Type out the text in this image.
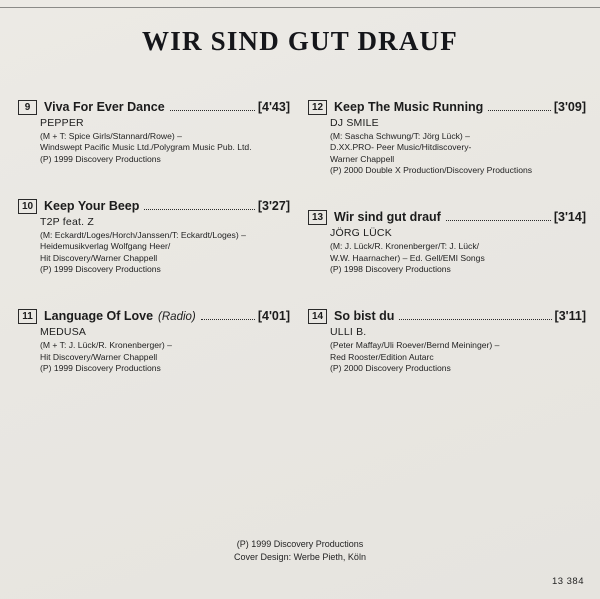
WIR SIND GUT DRAUF
9	Viva For Ever Dance	[4'43]
PEPPER
(M + T: Spice Girls/Stannard/Rowe) –
Windswept Pacific Music Ltd./Polygram Music Pub. Ltd.
(P) 1999 Discovery Productions
10 Keep Your Beep	[3'27]
T2P feat. Z
(M: Eckardt/Loges/Horch/Janssen/T: Eckardt/Loges) –
Heidemusikverlag Wolfgang Heer/
Hit Discovery/Warner Chappell
(P) 1999 Discovery Productions
11 Language Of Love (Radio)	[4'01]
MEDUSA
(M + T: J. Lück/R. Kronenberger) –
Hit Discovery/Warner Chappell
(P) 1999 Discovery Productions
12 Keep The Music Running	[3'09]
DJ SMILE
(M: Sascha Schwung/T: Jörg Lück) –
D.XX.PRO- Peer Music/Hitdiscovery-
Warner Chappell
(P) 2000 Double X Production/Discovery Productions
13 Wir sind gut drauf	[3'14]
JÖRG LÜCK
(M: J. Lück/R. Kronenberger/T: J. Lück/
W.W. Haarnacher) – Ed. Gell/EMI Songs
(P) 1998 Discovery Productions
14 So bist du	[3'11]
ULLI B.
(Peter Maffay/Uli Roever/Bernd Meininger) –
Red Rooster/Edition Autarc
(P) 2000 Discovery Productions
(P) 1999 Discovery Productions
Cover Design: Werbe Pieth, Köln
13 384
